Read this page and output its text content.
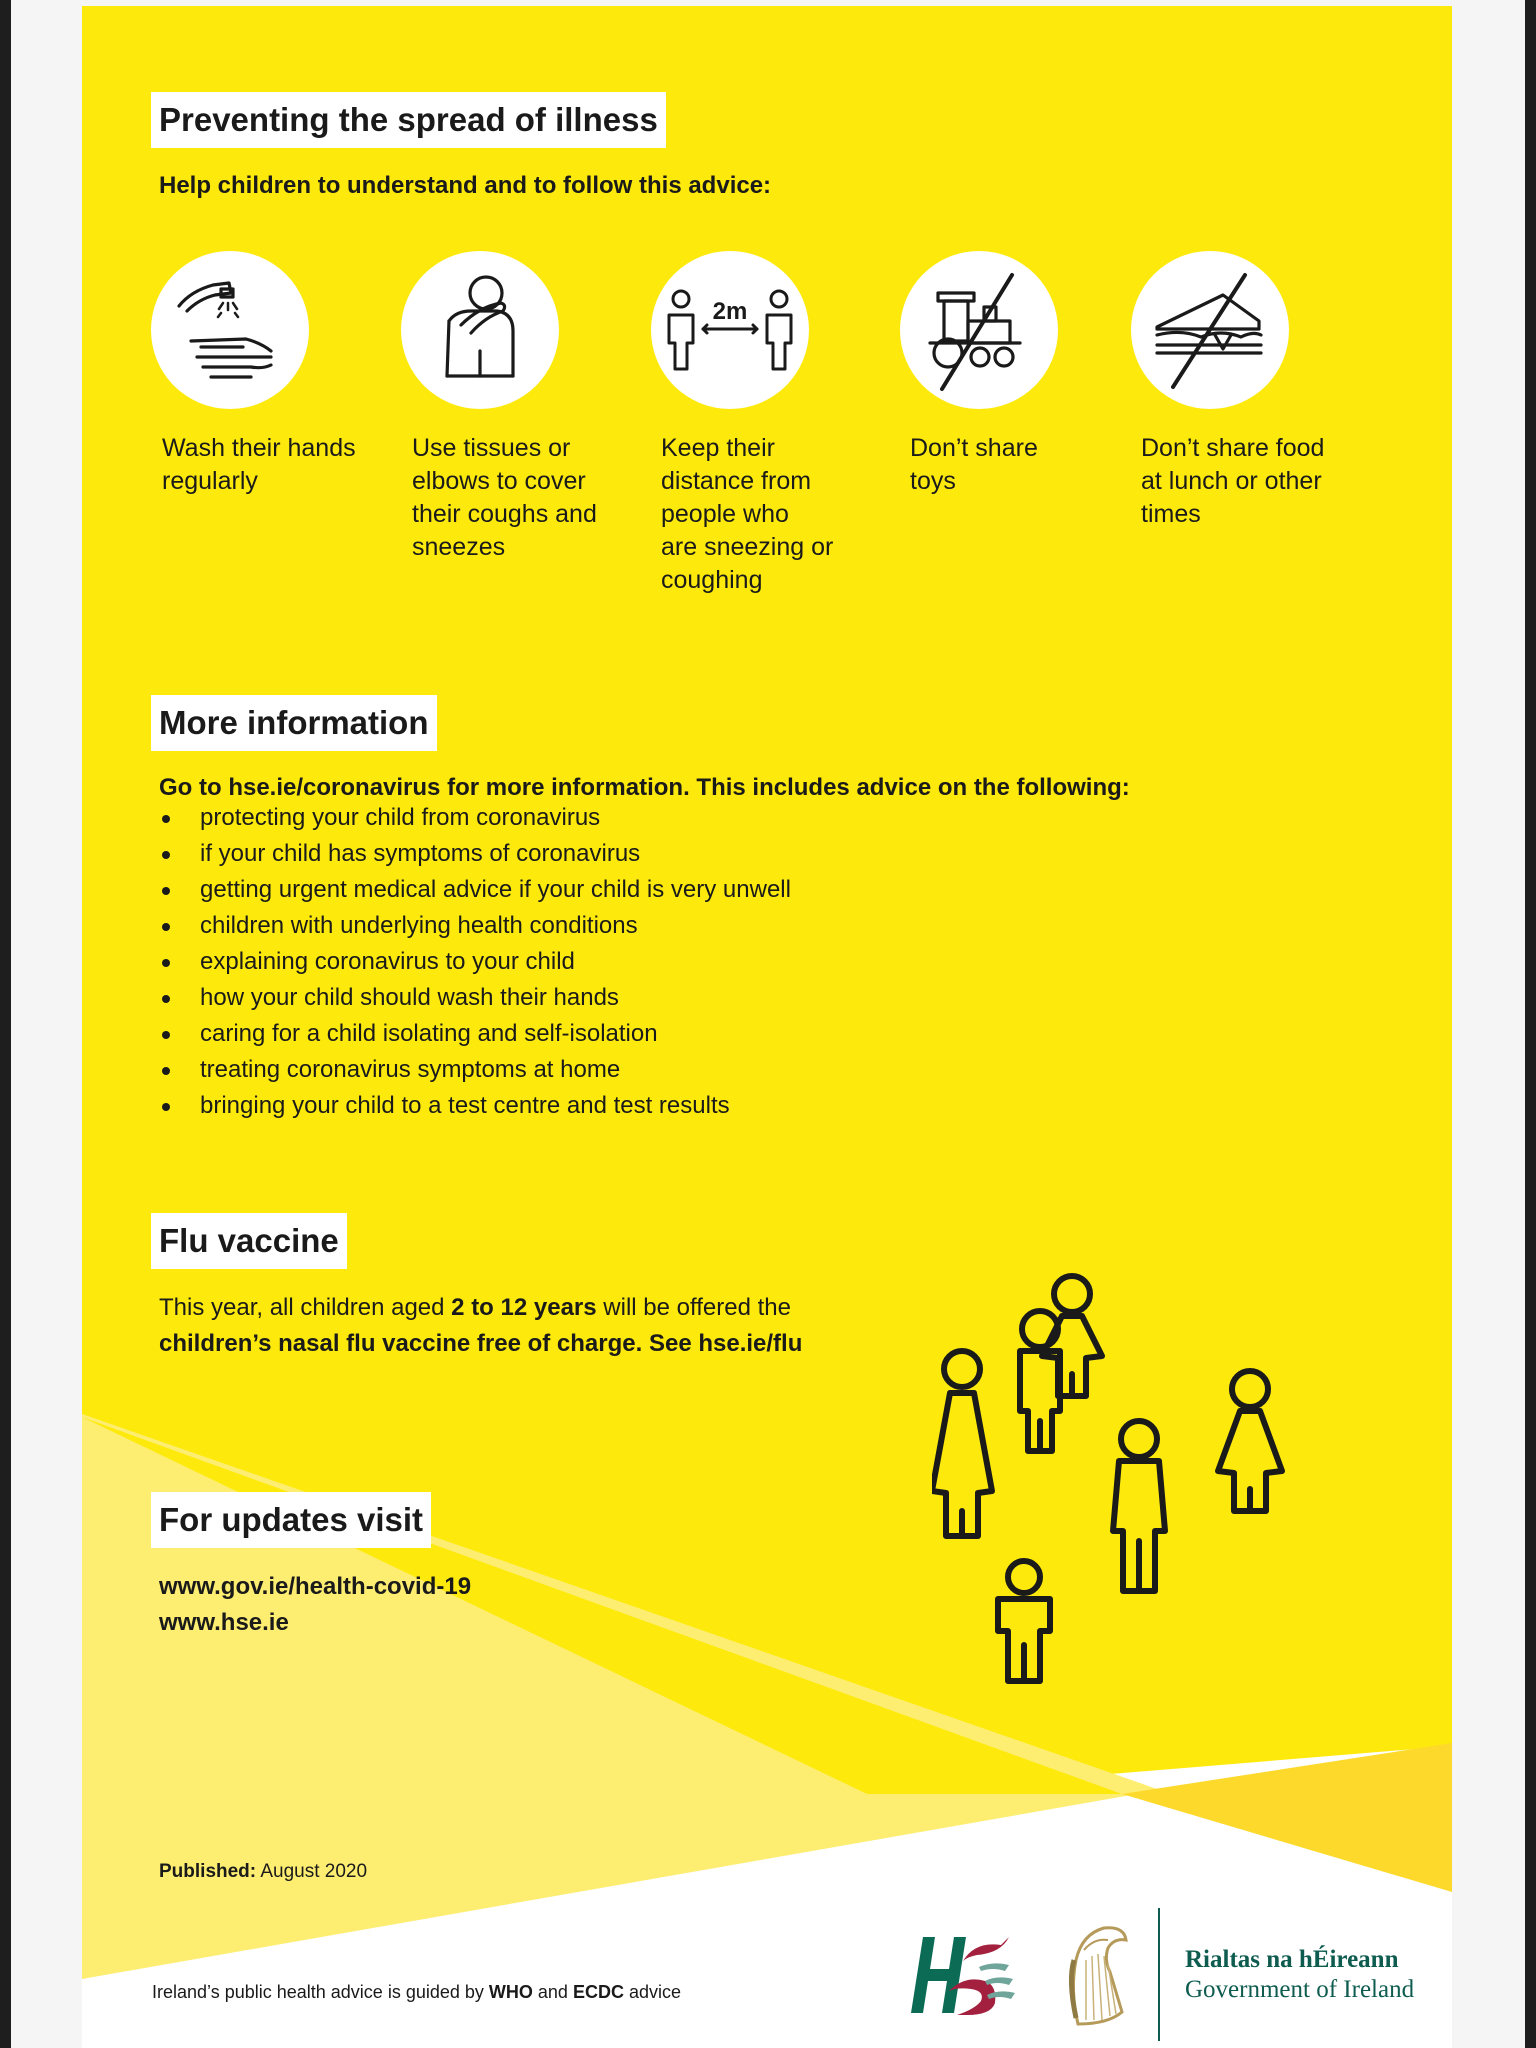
Preventing the spread of illness
Help children to understand and to follow this advice:
2m
Wash their hands
regularly
Use tissues or
elbows to cover
their coughs and
sneezes
Keep their
distance from
people who
are sneezing or
coughing
Don’t share
toys
Don’t share food
at lunch or other
times
More information
Go to hse.ie/coronavirus for more information. This includes advice on the following:
protecting your child from coronavirus
if your child has symptoms of coronavirus
getting urgent medical advice if your child is very unwell
children with underlying health conditions
explaining coronavirus to your child
how your child should wash their hands
caring for a child isolating and self-isolation
treating coronavirus symptoms at home
bringing your child to a test centre and test results
Flu vaccine
This year, all children aged 2 to 12 years will be offered the
children’s nasal flu vaccine free of charge. See hse.ie/flu
For updates visit
www.gov.ie/health-covid-19
www.hse.ie
Published: August 2020
Ireland’s public health advice is guided by WHO and ECDC advice
Rialtas na hÉireann
Government of Ireland
